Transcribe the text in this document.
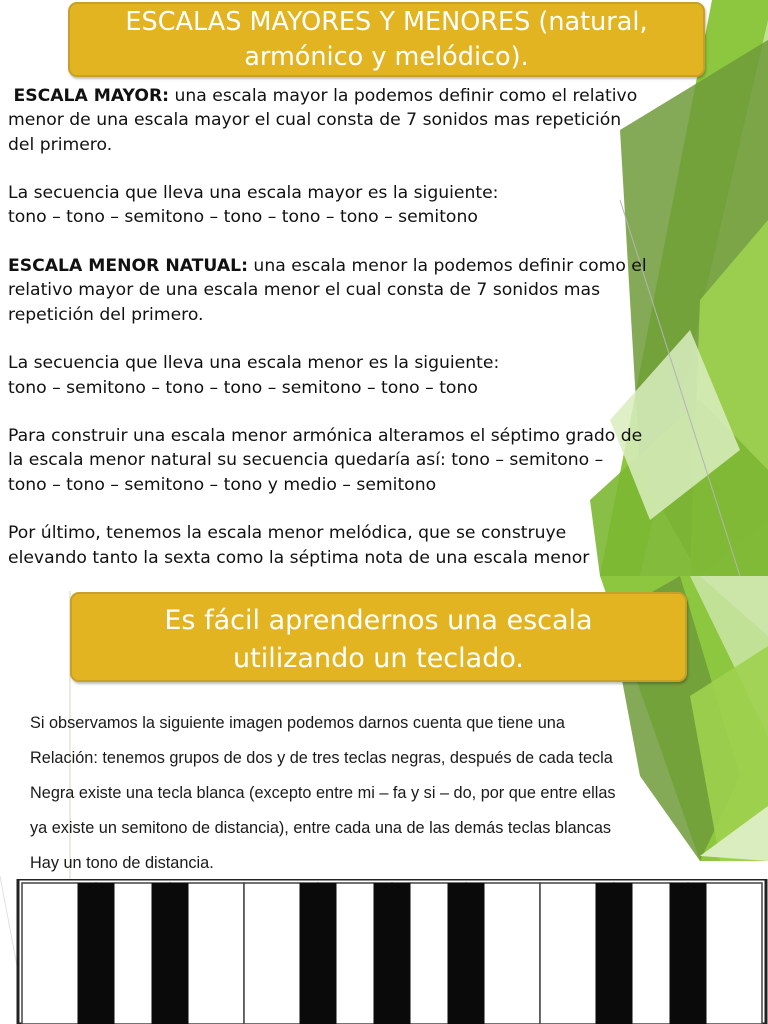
ESCALAS MAYORES Y MENORES (natural,
armónico y melódico).

ESCALA MAYOR: una escala mayor la podemos definir como el relativo
menor de una escala mayor el cual consta de 7 sonidos mas repetición
del primero.

La secuencia que lleva una escala mayor es la siguiente:
tono – tono – semitono – tono – tono – tono – semitono

ESCALA MENOR NATUAL: una escala menor la podemos definir como el
relativo mayor de una escala menor el cual consta de 7 sonidos mas
repetición del primero.

La secuencia que lleva una escala menor es la siguiente:
tono – semitono – tono – tono – semitono – tono – tono

Para construir una escala menor armónica alteramos el séptimo grado de
la escala menor natural su secuencia quedaría así: tono – semitono –
tono – tono – semitono – tono y medio – semitono

Por último, tenemos la escala menor melódica, que se construye
elevando tanto la sexta como la séptima nota de una escala menor

Es fácil aprendernos una escala
utilizando un teclado.
Si observamos la siguiente imagen podemos darnos cuenta que tiene una
Relación: tenemos grupos de dos y de tres teclas negras, después de cada tecla
Negra existe una tecla blanca (excepto entre mi – fa y si – do, por que entre ellas
ya existe un semitono de distancia), entre cada una de las demás teclas blancas
Hay un tono de distancia.
